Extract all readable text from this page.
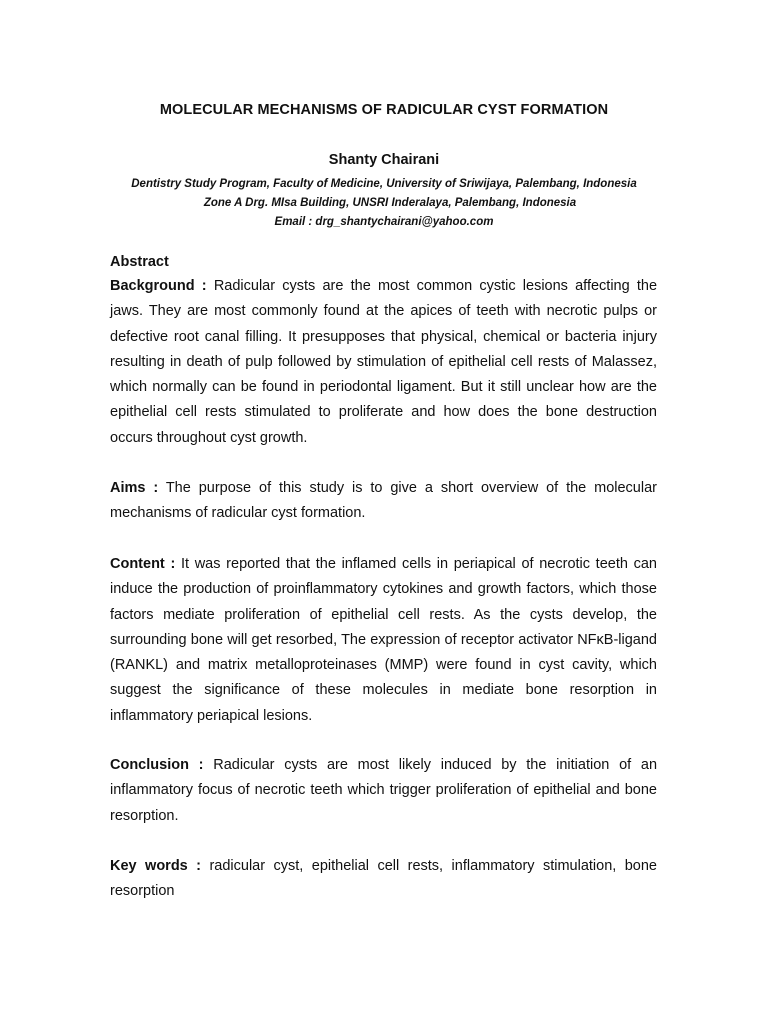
MOLECULAR MECHANISMS OF RADICULAR CYST FORMATION
Shanty Chairani
Dentistry Study Program, Faculty of Medicine, University of Sriwijaya, Palembang, Indonesia
Zone A Drg. MIsa Building, UNSRI Inderalaya, Palembang, Indonesia
Email : drg_shantychairani@yahoo.com
Abstract
Background : Radicular cysts are the most common cystic lesions affecting the jaws. They are most commonly found at the apices of teeth with necrotic pulps or defective root canal filling. It presupposes that physical, chemical or bacteria injury resulting in death of pulp followed by stimulation of epithelial cell rests of Malassez, which normally can be found in periodontal ligament. But it still unclear how are the epithelial cell rests stimulated to proliferate and how does the bone destruction occurs throughout cyst growth.
Aims : The purpose of this study is to give a short overview of the molecular mechanisms of radicular cyst formation.
Content : It was reported that the inflamed cells in periapical of necrotic teeth can induce the production of proinflammatory cytokines and growth factors, which those factors mediate proliferation of epithelial cell rests. As the cysts develop, the surrounding bone will get resorbed, The expression of receptor activator NFκB-ligand (RANKL) and matrix metalloproteinases (MMP) were found in cyst cavity, which suggest the significance of these molecules in mediate bone resorption in inflammatory periapical lesions.
Conclusion : Radicular cysts are most likely induced by the initiation of an inflammatory focus of necrotic teeth which trigger proliferation of epithelial and bone resorption.
Key words : radicular cyst, epithelial cell rests, inflammatory stimulation, bone resorption
